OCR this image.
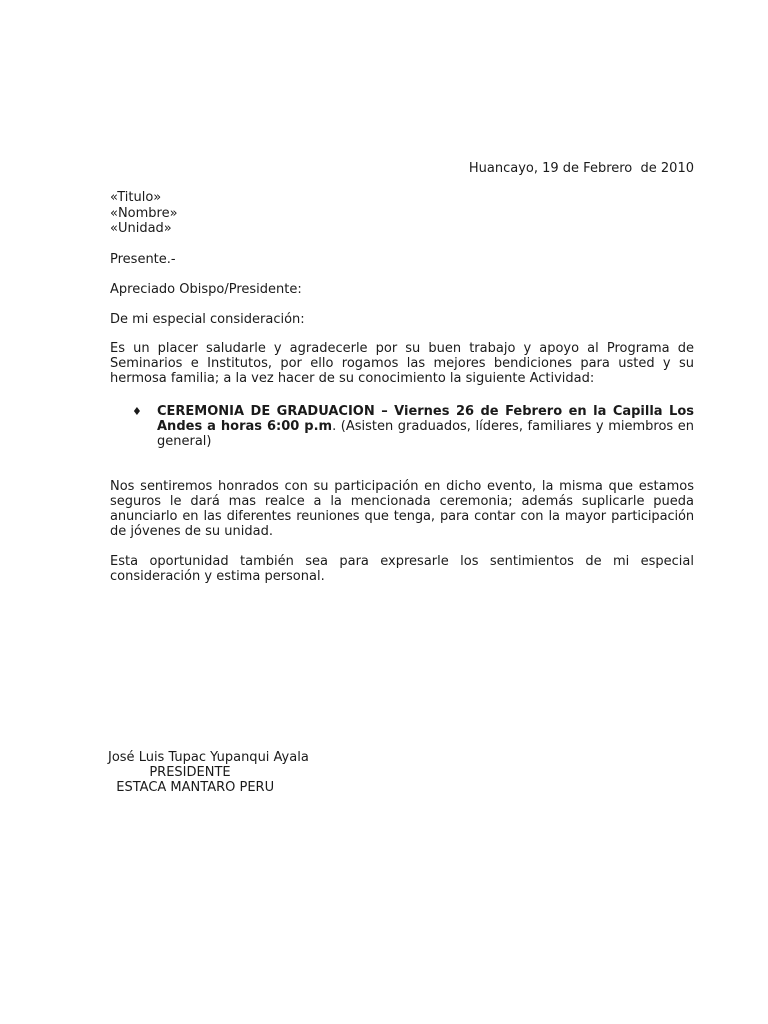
Huancayo, 19 de Febrero  de 2010
«Titulo»
«Nombre»
«Unidad»
Presente.-
Apreciado Obispo/Presidente:
De mi especial consideración:
Es un placer saludarle y agradecerle por su buen trabajo y apoyo al Programa de
Seminarios e Institutos, por ello rogamos las mejores bendiciones para usted y su
hermosa familia; a la vez hacer de su conocimiento la siguiente Actividad:
♦ CEREMONIA DE GRADUACION – Viernes 26 de Febrero en la Capilla Los
Andes a horas 6:00 p.m. (Asisten graduados, líderes, familiares y miembros en
general)
Nos sentiremos honrados con su participación en dicho evento, la misma que estamos
seguros le dará mas realce a la mencionada ceremonia; además suplicarle pueda
anunciarlo en las diferentes reuniones que tenga, para contar con la mayor participación
de jóvenes de su unidad.
Esta oportunidad también sea para expresarle los sentimientos de mi especial
consideración y estima personal.
José Luis Tupac Yupanqui Ayala
PRESIDENTE
ESTACA MANTARO PERU
